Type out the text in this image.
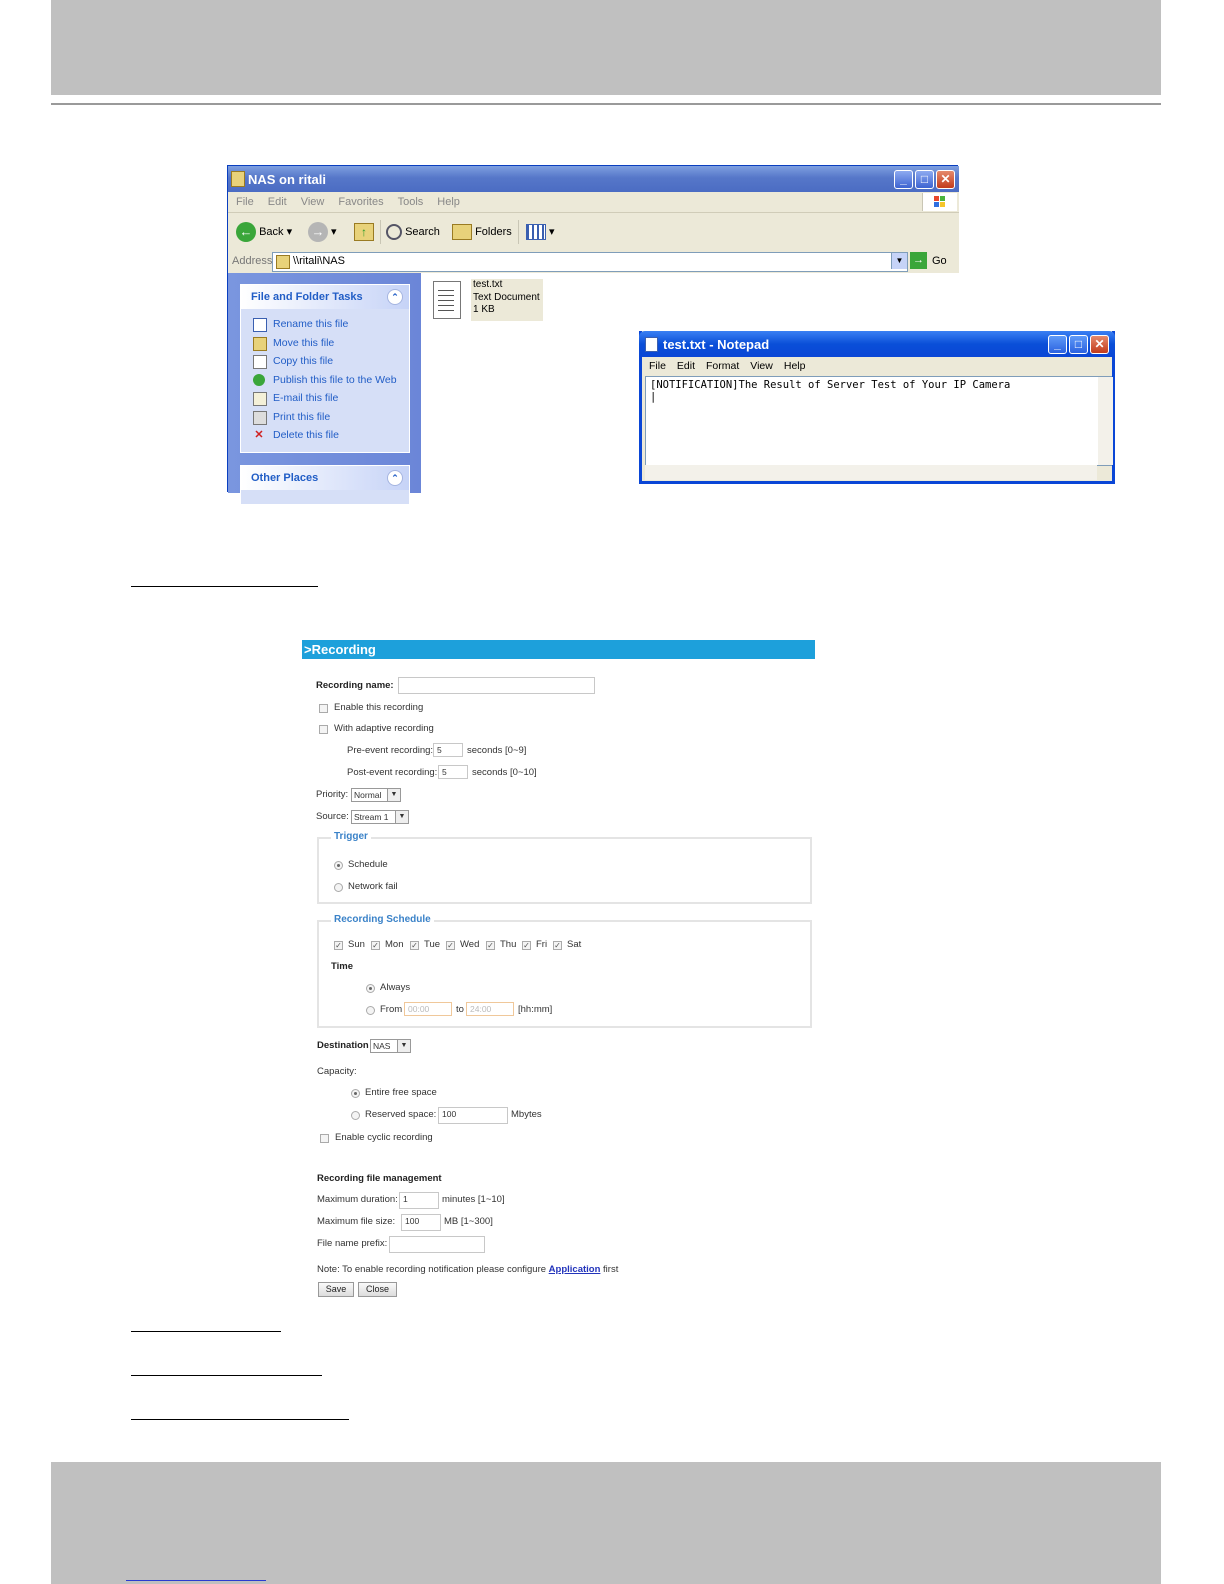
NAS on ritali	_	□	✕
File Edit View Favorites Tools Help
← Back ▾ → ▾	↑	Search	Folders	▾
Address \\ritali\NAS	▼ → Go
File and Folder Tasks	⌃
Rename this file
Move this file
Copy this file
Publish this file to the Web
E-mail this file
Print this file
✕ Delete this file
Other Places	⌃
test.txt
Text Document
1 KB
test.txt - Notepad	_	□	✕
File Edit Format View Help
[NOTIFICATION]The Result of Server Test of Your IP Camera
|
>Recording
Recording name:
Enable this recording
With adaptive recording
Pre-event recording: 5	seconds [0~9]
Post-event recording: 5	seconds [0~10]
Priority: Normal	▼
Source: Stream 1	▼
Trigger
Schedule
Network fail
Recording Schedule
✓ Sun ✓ Mon ✓ Tue ✓ Wed ✓ Thu ✓ Fri ✓ Sat
Time
Always
From 00:00	to 24:00	[hh:mm]
Destination NAS	▼
Capacity:
Entire free space
Reserved space: 100	Mbytes
Enable cyclic recording
Recording file management
Maximum duration: 1	minutes [1~10]
Maximum file size:	100	MB [1~300]
File name prefix:
Note: To enable recording notification please configure Application first
Save	Close
